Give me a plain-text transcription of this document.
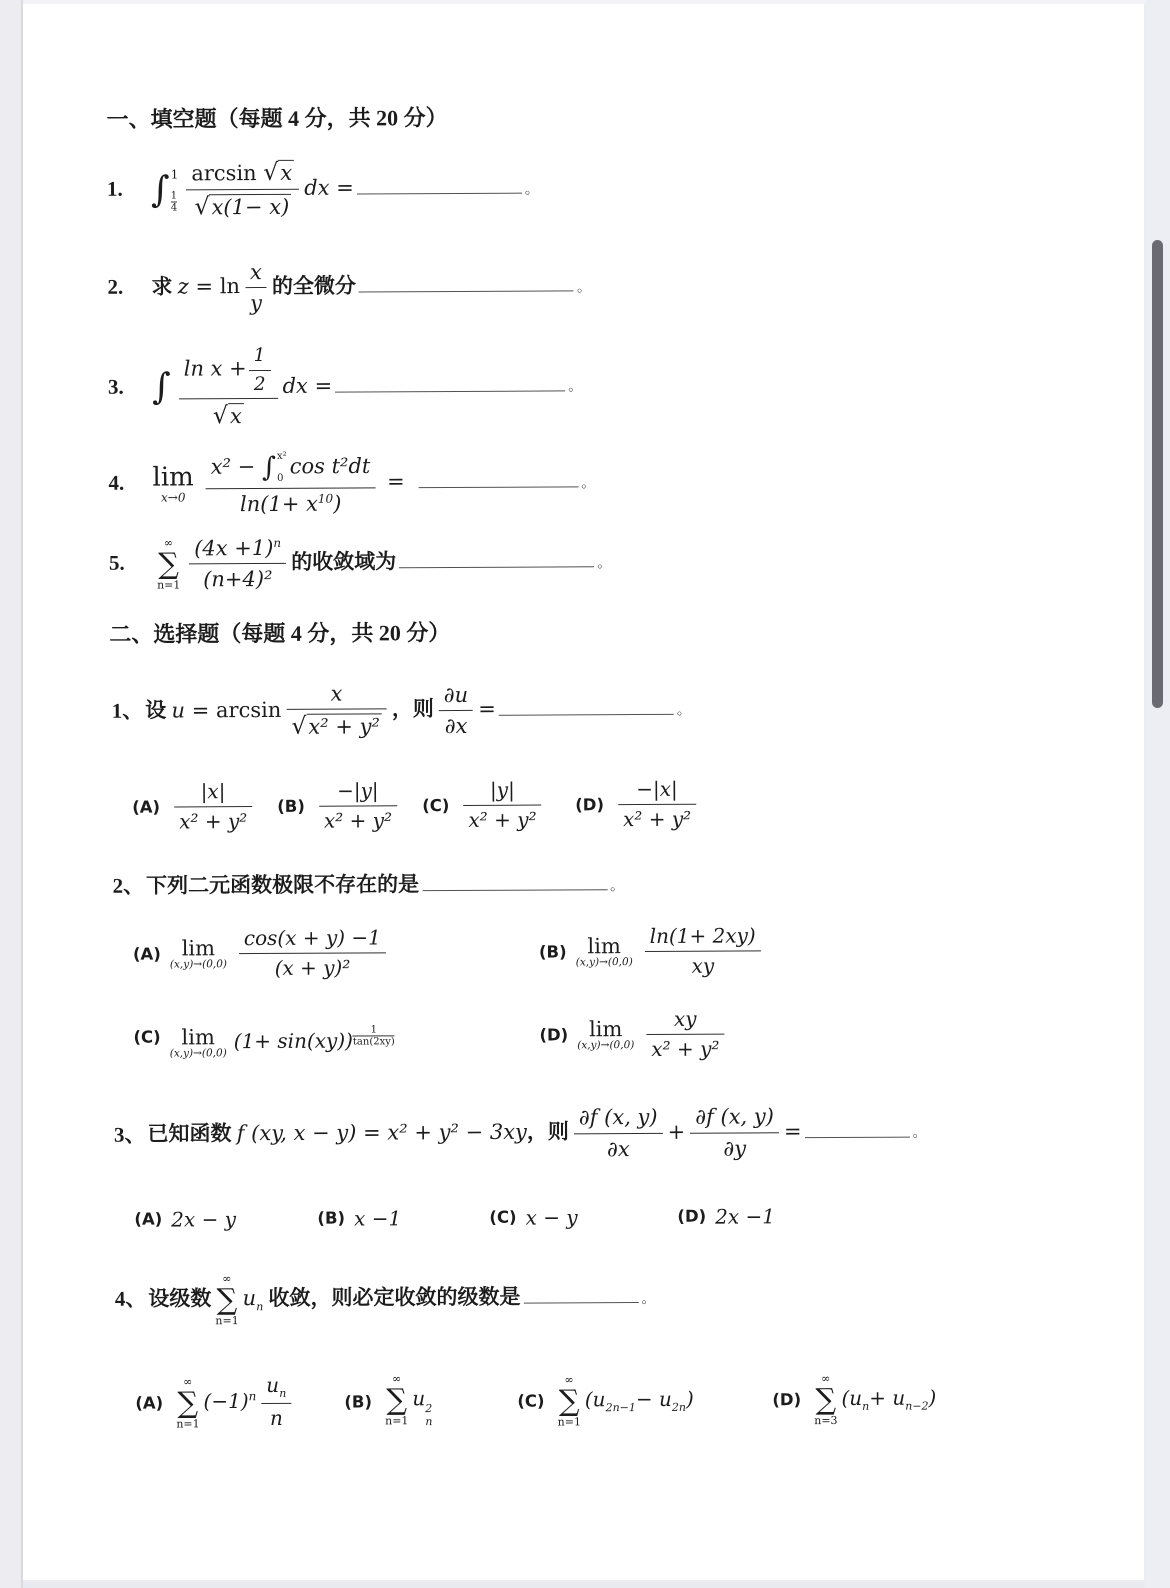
一、填空题（每题 4 分，共 20 分）
1. ∫ 1
$\frac{1}{4} \frac{\arcsin √x}{√x(1- x)}$ dx =	。
2. 求 $z = \ln \frac{x}{y}$ 的全微分	。
3. ∫ $\frac{\ln x + \frac{1}{2}}{√x}$ dx =	。
4. lim
x→0 x² − ∫ x²
0
cos t²dt
$\ln(1+ x^{10})$ =	。
5.
∞
∑
$n=1 \frac{(4x +1)^n}{\text{(n+4)²}}$ 的收敛域为	。
二、选择题（每题 4 分，共 20 分）
1、设 $u = \arcsin \frac{x}{\text{√x² + y²}}$ ，则 $\frac{\partial u}{\partial x}$ =	。
$(A) \frac{|x|}{\text{x² + y²}} (B) \frac{-|y|}{\text{x² + y²}} (C) \frac{|y|}{\text{x² + y²}} (D) \frac{-|x|}{\text{x² + y²}}$
2、下列二元函数极限不存在的是	。
(A) lim
$(x,y)\to(0,0) \frac{\cos(x + y) -1}{\text{(x + y)²}}$	(B) lim
$(x,y)\to(0,0) \frac{\ln(1+ 2xy)}{xy}$
(C) lim
(x,y)→(0,0)
$(1+ \sin(xy)) \frac{1}{\tan(2xy)}$	(D) lim
$(x,y)\to(0,0) \frac{xy}{\text{x² + y²}}$
3、已知函数 f (xy, x − y) = x² + y² − 3xy，则 $\frac{\partial f (x, y)}{\partial x} + \frac{\partial f (x, y)}{\partial y}$ =	。
(A) 2x − y	(B) x −1	(C) x − y	(D) 2x −1
4、设级数
∞
∑
n=1
$u_n$ 收敛，则必定收敛的级数是	。
(A)
∞
∑
n=1
$(-1)^n \frac{u_n}{n}$	(B)
∞
∑
n=1
u 2
n
(C)
∞
∑
n=1
$(u_{2n-1}- u_{2n})$	(D)
∞
∑
n=3
$(u_n+ u_{n-2})$
